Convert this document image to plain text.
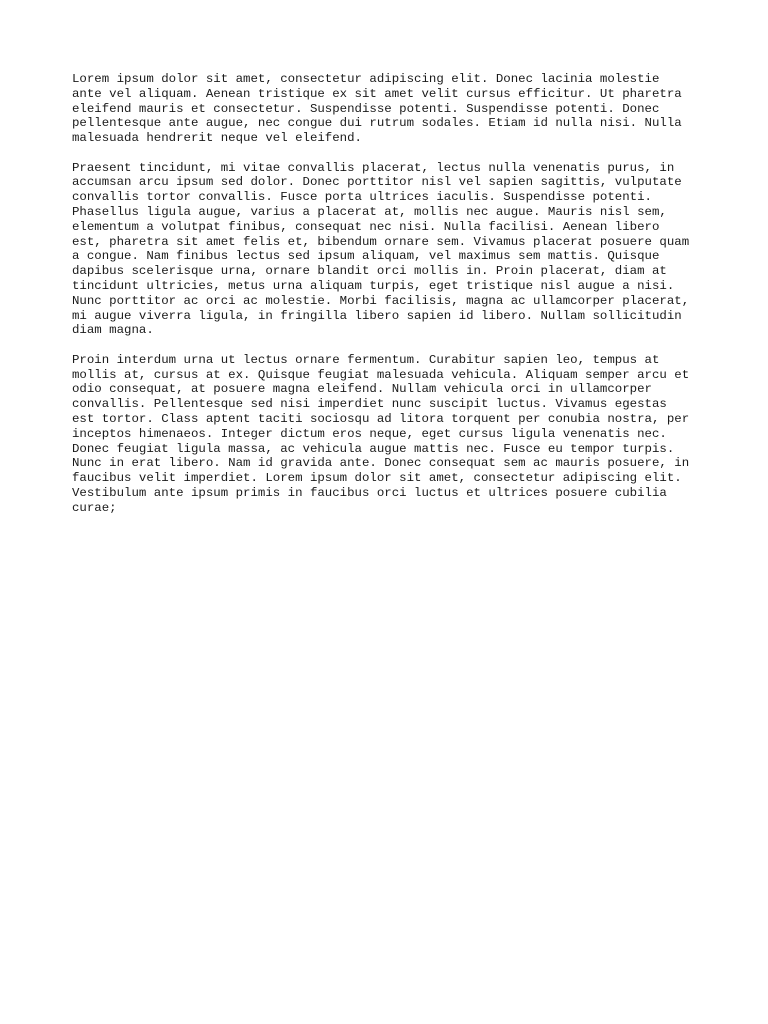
Lorem ipsum dolor sit amet, consectetur adipiscing elit. Donec lacinia molestie
ante vel aliquam. Aenean tristique ex sit amet velit cursus efficitur. Ut pharetra
eleifend mauris et consectetur. Suspendisse potenti. Suspendisse potenti. Donec
pellentesque ante augue, nec congue dui rutrum sodales. Etiam id nulla nisi. Nulla
malesuada hendrerit neque vel eleifend.

Praesent tincidunt, mi vitae convallis placerat, lectus nulla venenatis purus, in
accumsan arcu ipsum sed dolor. Donec porttitor nisl vel sapien sagittis, vulputate
convallis tortor convallis. Fusce porta ultrices iaculis. Suspendisse potenti.
Phasellus ligula augue, varius a placerat at, mollis nec augue. Mauris nisl sem,
elementum a volutpat finibus, consequat nec nisi. Nulla facilisi. Aenean libero
est, pharetra sit amet felis et, bibendum ornare sem. Vivamus placerat posuere quam
a congue. Nam finibus lectus sed ipsum aliquam, vel maximus sem mattis. Quisque
dapibus scelerisque urna, ornare blandit orci mollis in. Proin placerat, diam at
tincidunt ultricies, metus urna aliquam turpis, eget tristique nisl augue a nisi.
Nunc porttitor ac orci ac molestie. Morbi facilisis, magna ac ullamcorper placerat,
mi augue viverra ligula, in fringilla libero sapien id libero. Nullam sollicitudin
diam magna.

Proin interdum urna ut lectus ornare fermentum. Curabitur sapien leo, tempus at
mollis at, cursus at ex. Quisque feugiat malesuada vehicula. Aliquam semper arcu et
odio consequat, at posuere magna eleifend. Nullam vehicula orci in ullamcorper
convallis. Pellentesque sed nisi imperdiet nunc suscipit luctus. Vivamus egestas
est tortor. Class aptent taciti sociosqu ad litora torquent per conubia nostra, per
inceptos himenaeos. Integer dictum eros neque, eget cursus ligula venenatis nec.
Donec feugiat ligula massa, ac vehicula augue mattis nec. Fusce eu tempor turpis.
Nunc in erat libero. Nam id gravida ante. Donec consequat sem ac mauris posuere, in
faucibus velit imperdiet. Lorem ipsum dolor sit amet, consectetur adipiscing elit.
Vestibulum ante ipsum primis in faucibus orci luctus et ultrices posuere cubilia
curae;
